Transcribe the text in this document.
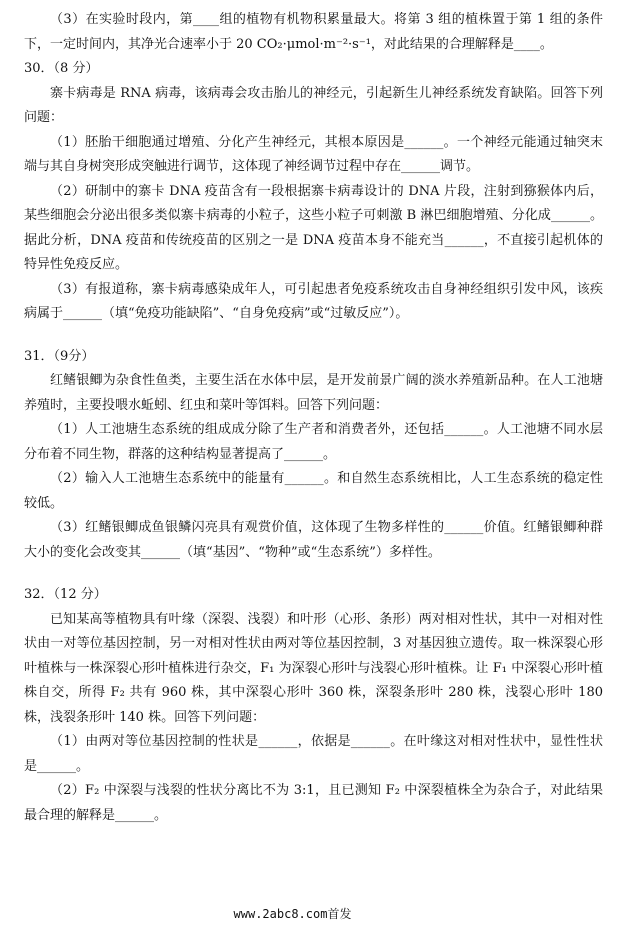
（3）在实验时段内，第____组的植物有机物积累量最大。将第 3 组的植株置于第 1 组的条件下，一定时间内，其净光合速率小于 20 CO₂·μmol·m⁻²·s⁻¹，对此结果的合理解释是____。

30．（8 分）

寨卡病毒是 RNA 病毒，该病毒会攻击胎儿的神经元，引起新生儿神经系统发育缺陷。回答下列问题：

（1）胚胎干细胞通过增殖、分化产生神经元，其根本原因是______。一个神经元能通过轴突末端与其自身树突形成突触进行调节，这体现了神经调节过程中存在______调节。

（2）研制中的寨卡 DNA 疫苗含有一段根据寨卡病毒设计的 DNA 片段，注射到猕猴体内后，某些细胞会分泌出很多类似寨卡病毒的小粒子，这些小粒子可刺激 B 淋巴细胞增殖、分化成______。据此分析，DNA 疫苗和传统疫苗的区别之一是 DNA 疫苗本身不能充当______，不直接引起机体的特异性免疫反应。

（3）有报道称，寨卡病毒感染成年人，可引起患者免疫系统攻击自身神经组织引发中风，该疾病属于______（填“免疫功能缺陷”、“自身免疫病”或“过敏反应”）。

31．（9分）

红鳍银鲫为杂食性鱼类，主要生活在水体中层，是开发前景广阔的淡水养殖新品种。在人工池塘养殖时，主要投喂水蚯蚓、红虫和菜叶等饵料。回答下列问题：

（1）人工池塘生态系统的组成成分除了生产者和消费者外，还包括______。人工池塘不同水层分布着不同生物，群落的这种结构显著提高了______。

（2）输入人工池塘生态系统中的能量有______。和自然生态系统相比，人工生态系统的稳定性较低。

（3）红鳍银鲫成鱼银鳞闪亮具有观赏价值，这体现了生物多样性的______价值。红鳍银鲫种群大小的变化会改变其______（填“基因”、“物种”或“生态系统”）多样性。

32．（12 分）

已知某高等植物具有叶缘（深裂、浅裂）和叶形（心形、条形）两对相对性状，其中一对相对性状由一对等位基因控制，另一对相对性状由两对等位基因控制，3 对基因独立遗传。取一株深裂心形叶植株与一株深裂心形叶植株进行杂交，F₁ 为深裂心形叶与浅裂心形叶植株。让 F₁ 中深裂心形叶植株自交，所得 F₂ 共有 960 株，其中深裂心形叶 360 株，深裂条形叶 280 株，浅裂心形叶 180 株，浅裂条形叶 140 株。回答下列问题：

（1）由两对等位基因控制的性状是______，依据是______。在叶缘这对相对性状中，显性性状是______。

（2）F₂ 中深裂与浅裂的性状分离比不为 3:1，且已测知 F₂ 中深裂植株全为杂合子，对此结果最合理的解释是______。

www.2abc8.com首发
